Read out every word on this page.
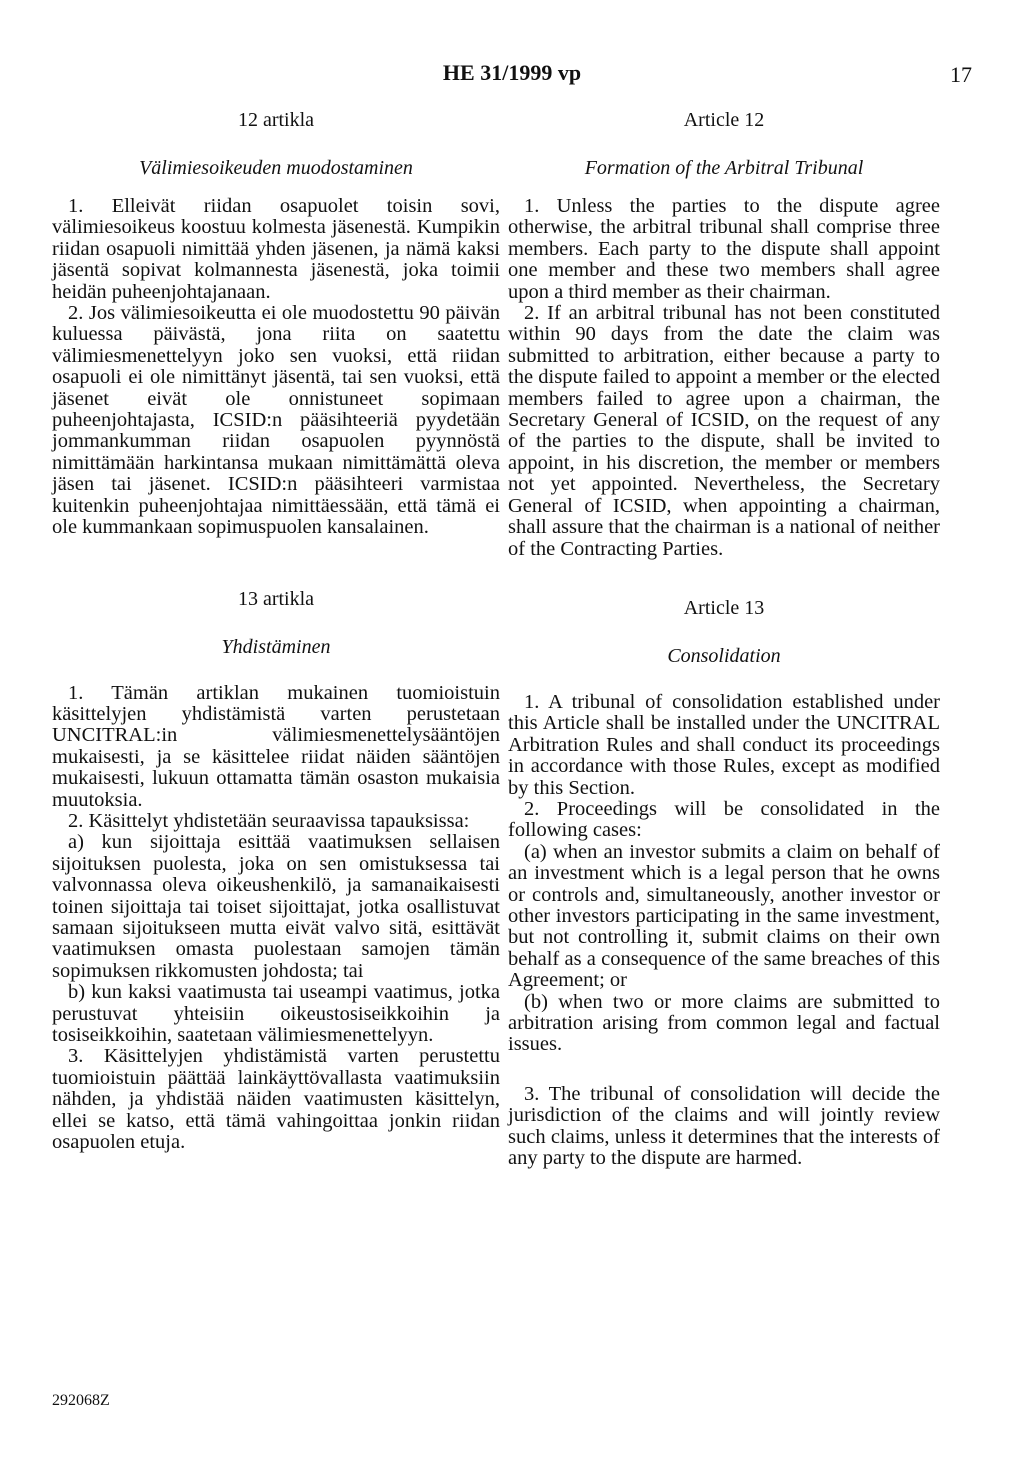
HE 31/1999 vp	17
12 artikla
Välimiesoikeuden muodostaminen

1. Elleivät riidan osapuolet toisin sovi, välimiesoikeus koostuu kolmesta jäsenestä. Kumpikin riidan osapuoli nimittää yhden jäsenen, ja nämä kaksi jäsentä sopivat kolmannesta jäsenestä, joka toimii heidän puheenjohtajanaan.

2. Jos välimiesoikeutta ei ole muodostettu 90 päivän kuluessa päivästä, jona riita on saatettu välimiesmenettelyyn joko sen vuoksi, että riidan osapuoli ei ole nimittänyt jäsentä, tai sen vuoksi, että jäsenet eivät ole onnistuneet sopimaan puheenjohtajasta, ICSID:n pääsihteeriä pyydetään jommankumman riidan osapuolen pyynnöstä nimittämään harkintansa mukaan nimittämättä oleva jäsen tai jäsenet. ICSID:n pääsihteeri varmistaa kuitenkin puheenjohtajaa nimittäessään, että tämä ei ole kummankaan sopimuspuolen kansalainen.

13 artikla
Yhdistäminen

1. Tämän artiklan mukainen tuomioistuin käsittelyjen yhdistämistä varten perustetaan UNCITRAL:in välimiesmenettelysääntöjen mukaisesti, ja se käsittelee riidat näiden sääntöjen mukaisesti, lukuun ottamatta tämän osaston mukaisia muutoksia.

2. Käsittelyt yhdistetään seuraavissa tapauksissa:

a) kun sijoittaja esittää vaatimuksen sellaisen sijoituksen puolesta, joka on sen omistuksessa tai valvonnassa oleva oikeushenkilö, ja samanaikaisesti toinen sijoittaja tai toiset sijoittajat, jotka osallistuvat samaan sijoitukseen mutta eivät valvo sitä, esittävät vaatimuksen omasta puolestaan samojen tämän sopimuksen rikkomusten johdosta; tai

b) kun kaksi vaatimusta tai useampi vaatimus, jotka perustuvat yhteisiin oikeustosiseikkoihin ja tosiseikkoihin, saatetaan välimiesmenettelyyn.

3. Käsittelyjen yhdistämistä varten perustettu tuomioistuin päättää lainkäyttövallasta vaatimuksiin nähden, ja yhdistää näiden vaatimusten käsittelyn, ellei se katso, että tämä vahingoittaa jonkin riidan osapuolen etuja.

Article 12
Formation of the Arbitral Tribunal

1. Unless the parties to the dispute agree otherwise, the arbitral tribunal shall comprise three members. Each party to the dispute shall appoint one member and these two members shall agree upon a third member as their chairman.

2. If an arbitral tribunal has not been constituted within 90 days from the date the claim was submitted to arbitration, either because a party to the dispute failed to appoint a member or the elected members failed to agree upon a chairman, the Secretary General of ICSID, on the request of any of the parties to the dispute, shall be invited to appoint, in his discretion, the member or members not yet appointed. Nevertheless, the Secretary General of ICSID, when appointing a chairman, shall assure that the chairman is a national of neither of the Contracting Parties.

Article 13
Consolidation

1. A tribunal of consolidation established under this Article shall be installed under the UNCITRAL Arbitration Rules and shall conduct its proceedings in accordance with those Rules, except as modified by this Section.

2. Proceedings will be consolidated in the following cases:

(a) when an investor submits a claim on behalf of an investment which is a legal person that he owns or controls and, simultaneously, another investor or other investors participating in the same investment, but not controlling it, submit claims on their own behalf as a consequence of the same breaches of this Agreement; or

(b) when two or more claims are submitted to arbitration arising from common legal and factual issues.

3. The tribunal of consolidation will decide the jurisdiction of the claims and will jointly review such claims, unless it determines that the interests of any party to the dispute are harmed.

292068Z
